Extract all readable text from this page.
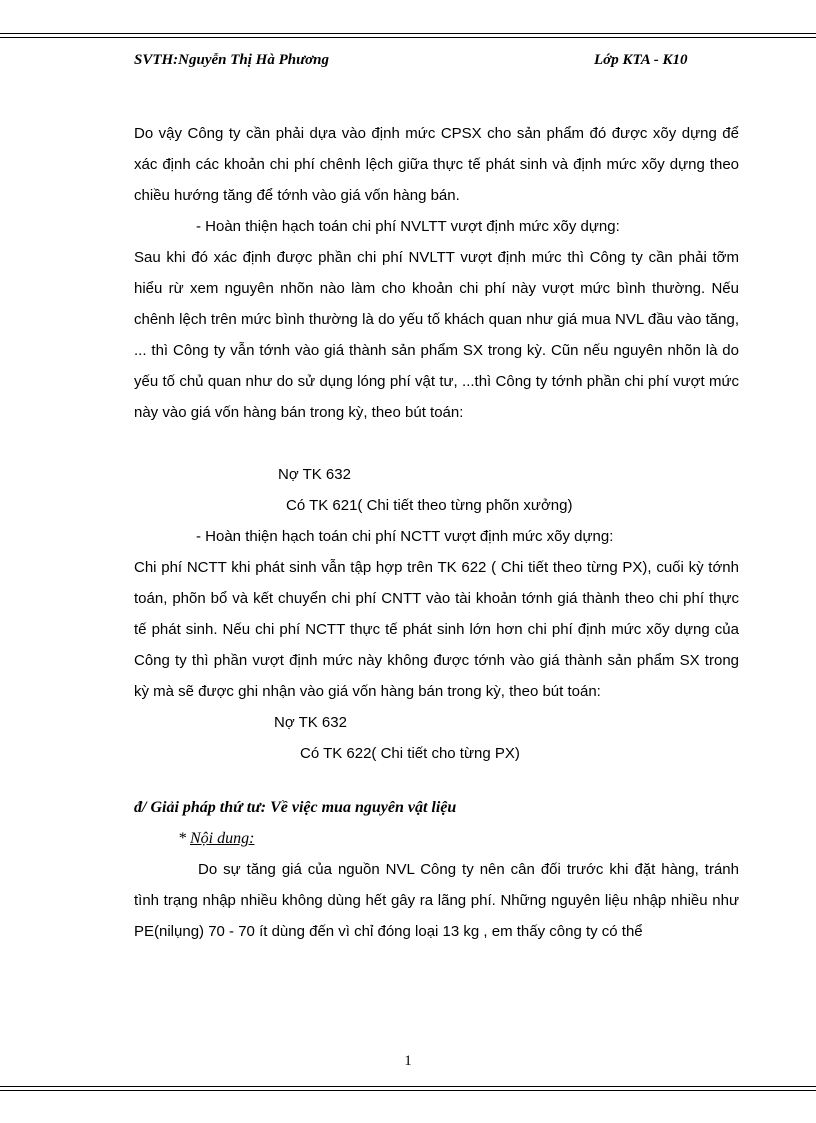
SVTH:Nguyễn Thị Hà Phương	Lớp KTA - K10

Do vậy Công ty cần phải dựa vào định mức CPSX cho sản phẩm đó được xõy dựng để xác định các khoản chi phí chênh lệch giữa thực tế phát sinh và định mức xõy dựng theo chiều hướng tăng để tớnh vào giá vốn hàng bán.

- Hoàn thiện hạch toán chi phí NVLTT vượt định mức xõy dựng:

Sau khi đó xác định được phần chi phí NVLTT vượt định mức thì Công ty cần phải tỡm hiểu rừ xem nguyên nhõn nào làm cho khoản chi phí này vượt mức bình thường. Nếu chênh lệch trên mức bình thường là do yếu tố khách quan như giá mua NVL đầu vào tăng, ... thì Công ty vẫn tớnh vào giá thành sản phẩm SX trong kỳ. Cũn nếu nguyên nhõn là do yếu tố chủ quan như do sử dụng lóng phí vật tư, ...thì Công ty tớnh phần chi phí vượt mức này vào giá vốn hàng bán trong kỳ, theo bút toán:

Nợ TK 632

Có TK 621( Chi tiết theo từng phõn xưởng)

- Hoàn thiện hạch toán chi phí NCTT vượt định mức xõy dựng:

Chi phí NCTT khi phát sinh vẫn tập hợp trên TK 622 ( Chi tiết theo từng PX), cuối kỳ tớnh toán, phõn bổ và kết chuyển chi phí CNTT vào tài khoản tớnh giá thành theo chi phí thực tế phát sinh. Nếu chi phí NCTT thực tế phát sinh lớn hơn chi phí định mức xõy dựng của Công ty thì phần vượt định mức này không được tớnh vào giá thành sản phẩm SX trong kỳ mà sẽ được ghi nhận vào giá vốn hàng bán trong kỳ, theo bút toán:

Nợ TK 632

Có TK 622( Chi tiết cho từng PX)

đ/ Giải pháp thứ tư: Về việc mua nguyên vật liệu

* Nội dung:

Do sự tăng giá của nguồn NVL Công ty nên cân đối trước khi đặt hàng, tránh tình trạng nhập nhiều không dùng hết gây ra lãng phí. Những nguyên liệu nhập nhiều như PE(nilụng) 70 - 70 ít dùng đến vì chỉ đóng loại 13 kg , em thấy công ty có thể

1
